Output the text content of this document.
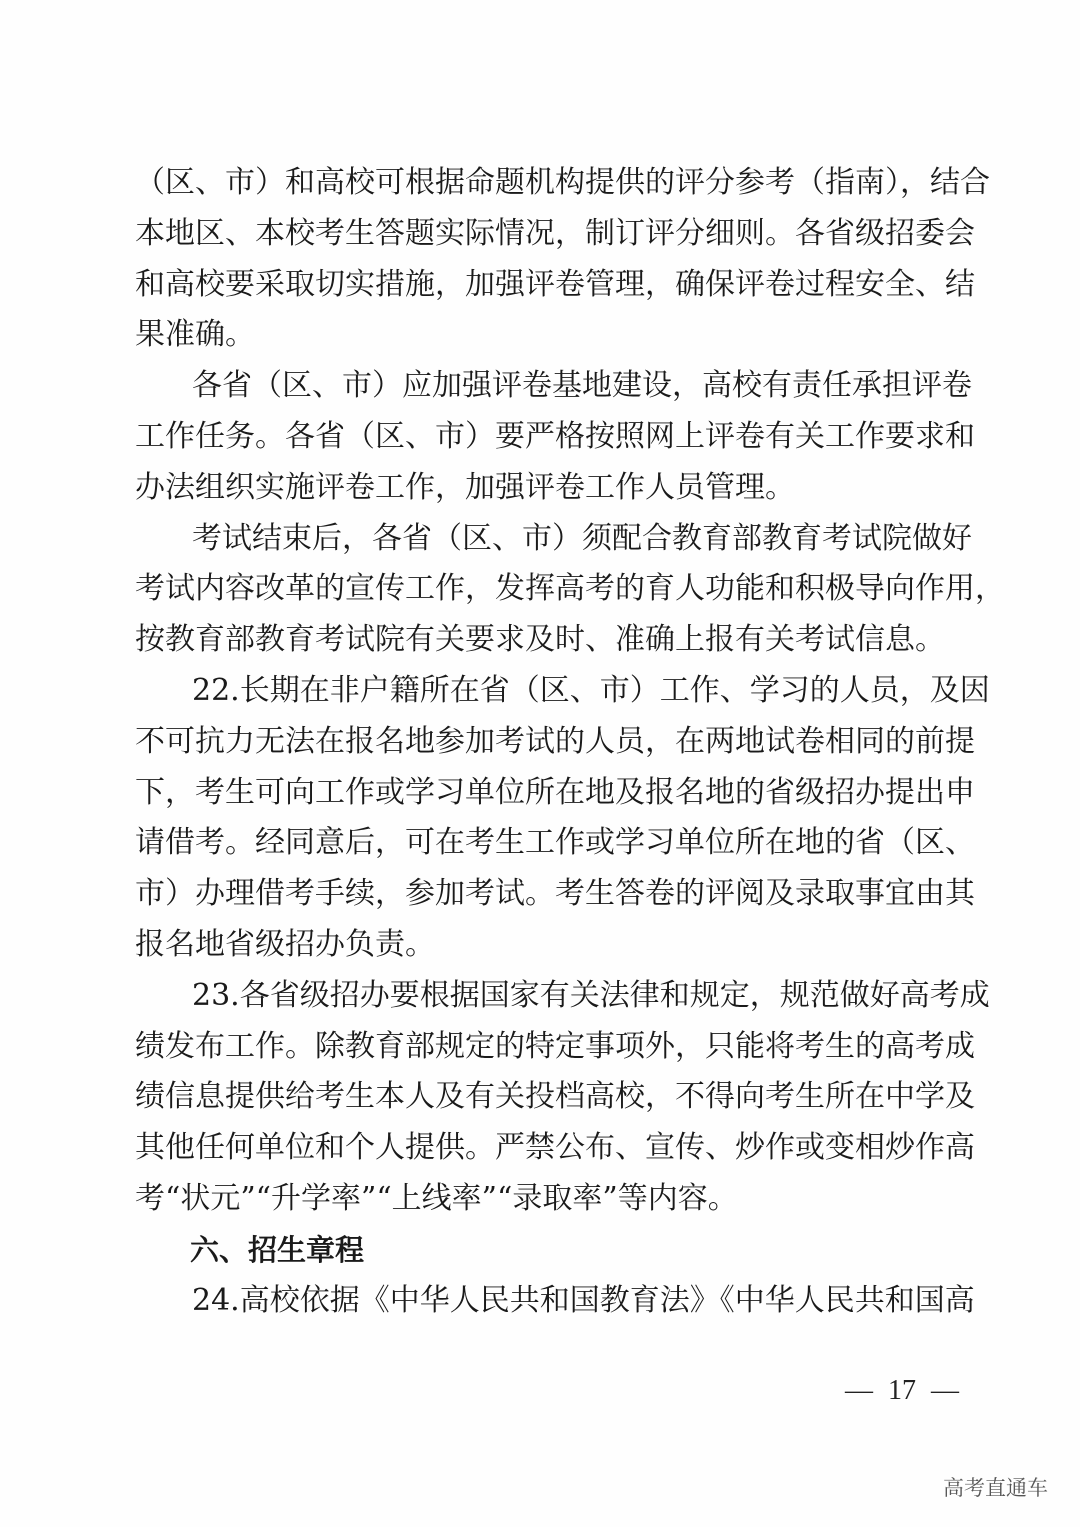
（区、市）和高校可根据命题机构提供的评分参考（指南），结合
本地区、本校考生答题实际情况，制订评分细则。各省级招委会
和高校要采取切实措施，加强评卷管理，确保评卷过程安全、结
果准确。
各省（区、市）应加强评卷基地建设，高校有责任承担评卷
工作任务。各省（区、市）要严格按照网上评卷有关工作要求和
办法组织实施评卷工作，加强评卷工作人员管理。
考试结束后，各省（区、市）须配合教育部教育考试院做好
考试内容改革的宣传工作，发挥高考的育人功能和积极导向作用，
按教育部教育考试院有关要求及时、准确上报有关考试信息。
22.长期在非户籍所在省（区、市）工作、学习的人员，及因
不可抗力无法在报名地参加考试的人员，在两地试卷相同的前提
下，考生可向工作或学习单位所在地及报名地的省级招办提出申
请借考。经同意后，可在考生工作或学习单位所在地的省（区、
市）办理借考手续，参加考试。考生答卷的评阅及录取事宜由其
报名地省级招办负责。
23.各省级招办要根据国家有关法律和规定，规范做好高考成
绩发布工作。除教育部规定的特定事项外，只能将考生的高考成
绩信息提供给考生本人及有关投档高校，不得向考生所在中学及
其他任何单位和个人提供。严禁公布、宣传、炒作或变相炒作高
考“状元”“升学率”“上线率”“录取率”等内容。
六、招生章程
24.高校依据《中华人民共和国教育法》《中华人民共和国高
— 17 —
高考直通车
